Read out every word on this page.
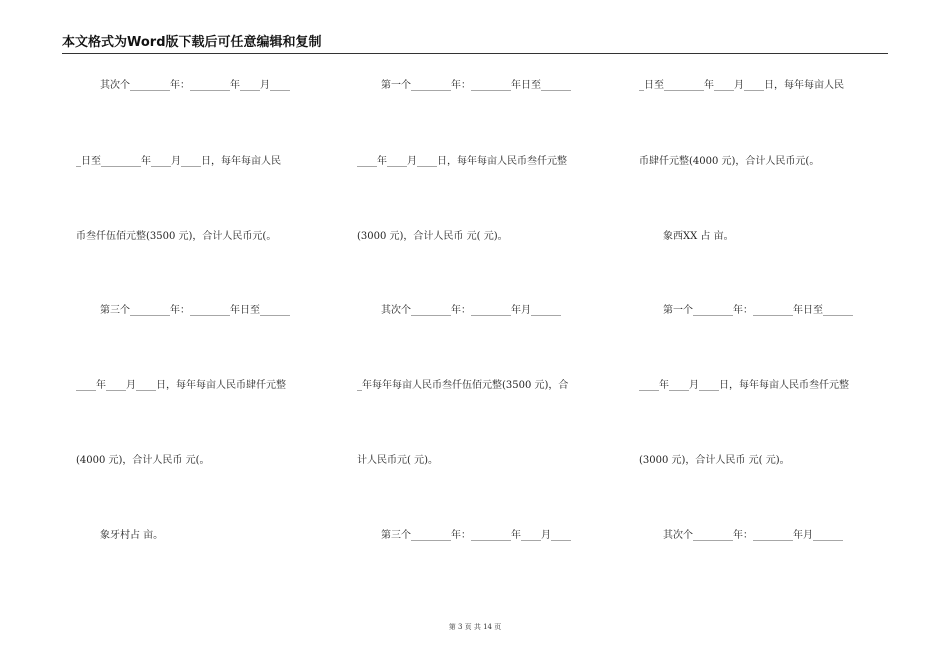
本文格式为Word版下载后可任意编辑和复制
其次个________年：________年____月____
_日至________年____月____日，每年每亩人民
币叁仟伍佰元整(3500 元)，合计人民币元(。
第三个________年：________年日至______
____年____月____日，每年每亩人民币肆仟元整
(4000 元)，合计人民币 元(。
象牙村占 亩。
第一个________年：________年日至______
____年____月____日，每年每亩人民币叁仟元整
(3000 元)，合计人民币 元( 元)。
其次个________年：________年月______
_年每年每亩人民币叁仟伍佰元整(3500 元)，合
计人民币元( 元)。
第三个________年：________年____月____
_日至________年____月____日，每年每亩人民
币肆仟元整(4000 元)，合计人民币元(。
象西XX 占 亩。
第一个________年：________年日至______
____年____月____日，每年每亩人民币叁仟元整
(3000 元)，合计人民币 元( 元)。
其次个________年：________年月______
第 3 页 共 14 页
